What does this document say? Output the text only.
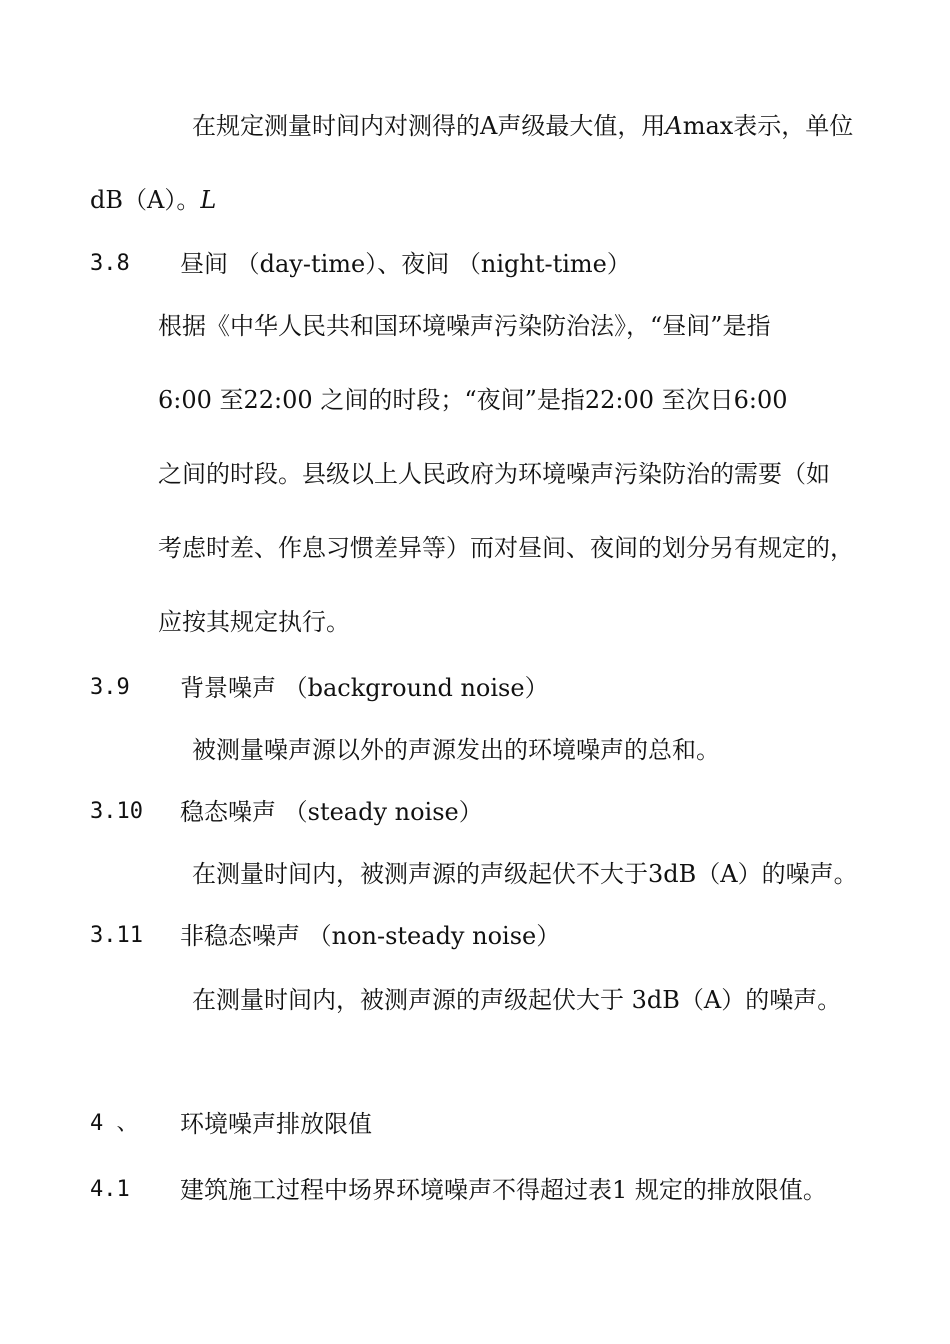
在规定测量时间内对测得的A声级最大值，用Amax表示，单位
dB（A）。L
3.8 昼间 （day-time）、夜间 （night-time）
根据《中华人民共和国环境噪声污染防治法》，“昼间”是指
6:00 至22:00 之间的时段；“夜间”是指22:00 至次日6:00
之间的时段。县级以上人民政府为环境噪声污染防治的需要（如
考虑时差、作息习惯差异等）而对昼间、夜间的划分另有规定的，
应按其规定执行。
3.9 背景噪声 （background noise）
被测量噪声源以外的声源发出的环境噪声的总和。
3.10 稳态噪声 （steady noise）
在测量时间内，被测声源的声级起伏不大于3dB（A）的噪声。
3.11 非稳态噪声 （non-steady noise）
在测量时间内，被测声源的声级起伏大于 3dB（A）的噪声。
4 、 环境噪声排放限值
4.1 建筑施工过程中场界环境噪声不得超过表1 规定的排放限值。
